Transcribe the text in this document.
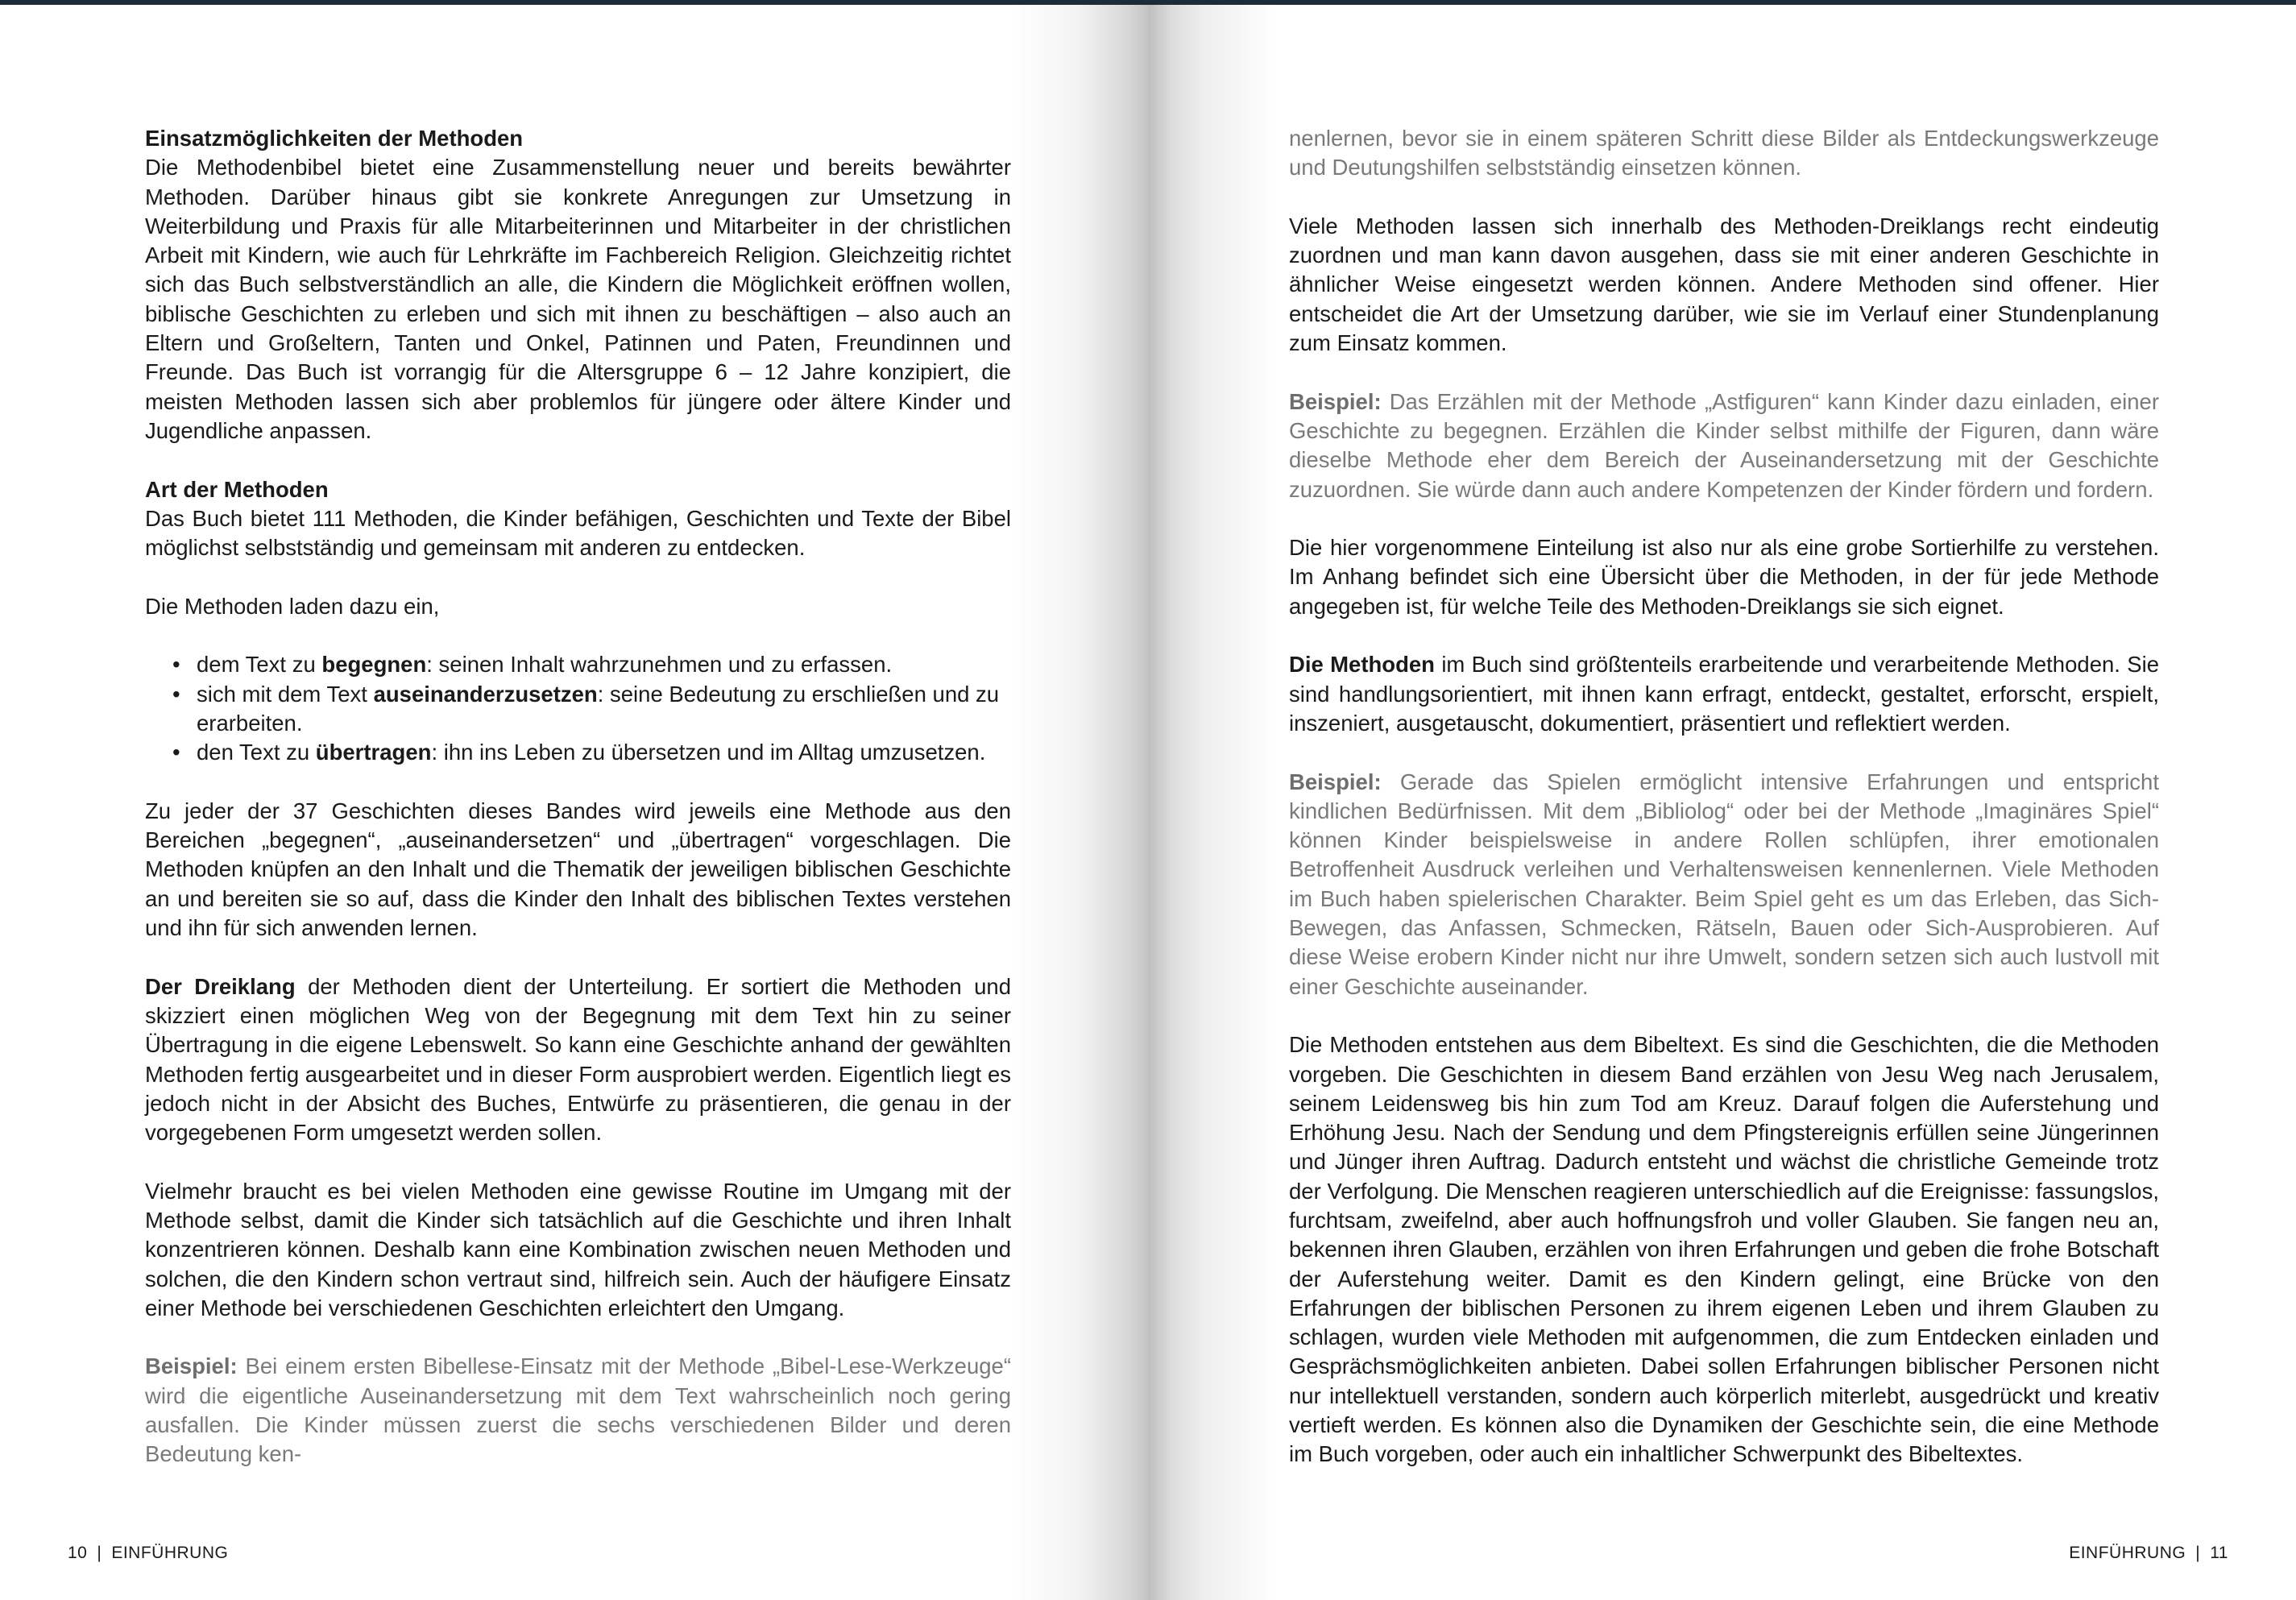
Einsatzmöglichkeiten der Methoden

Die Methodenbibel bietet eine Zusammenstellung neuer und bereits bewährter Methoden. Darüber hinaus gibt sie konkrete Anregungen zur Umsetzung in Weiterbildung und Praxis für alle Mitarbeiterinnen und Mitarbeiter in der christlichen Arbeit mit Kindern, wie auch für Lehrkräfte im Fachbereich Religion. Gleichzeitig richtet sich das Buch selbstverständlich an alle, die Kindern die Möglichkeit eröffnen wollen, biblische Geschichten zu erleben und sich mit ihnen zu beschäftigen – also auch an Eltern und Großeltern, Tanten und Onkel, Patinnen und Paten, Freundinnen und Freunde. Das Buch ist vorrangig für die Altersgruppe 6 – 12 Jahre konzipiert, die meisten Methoden lassen sich aber problemlos für jüngere oder ältere Kinder und Jugendliche anpassen.

Art der Methoden

Das Buch bietet 111 Methoden, die Kinder befähigen, Geschichten und Texte der Bibel möglichst selbstständig und gemeinsam mit anderen zu entdecken.

Die Methoden laden dazu ein,

• dem Text zu begegnen: seinen Inhalt wahrzunehmen und zu erfassen.
• sich mit dem Text auseinanderzusetzen: seine Bedeutung zu erschließen und zu erarbeiten.
• den Text zu übertragen: ihn ins Leben zu übersetzen und im Alltag umzusetzen.

Zu jeder der 37 Geschichten dieses Bandes wird jeweils eine Methode aus den Bereichen „begegnen“, „auseinandersetzen“ und „übertragen“ vorgeschlagen. Die Methoden knüpfen an den Inhalt und die Thematik der jeweiligen biblischen Geschichte an und bereiten sie so auf, dass die Kinder den Inhalt des biblischen Textes verstehen und ihn für sich anwenden lernen.

Der Dreiklang der Methoden dient der Unterteilung. Er sortiert die Methoden und skizziert einen möglichen Weg von der Begegnung mit dem Text hin zu seiner Übertragung in die eigene Lebenswelt. So kann eine Geschichte anhand der gewählten Methoden fertig ausgearbeitet und in dieser Form ausprobiert werden. Eigentlich liegt es jedoch nicht in der Absicht des Buches, Entwürfe zu präsentieren, die genau in der vorgegebenen Form umgesetzt werden sollen.

Vielmehr braucht es bei vielen Methoden eine gewisse Routine im Umgang mit der Methode selbst, damit die Kinder sich tatsächlich auf die Geschichte und ihren Inhalt konzentrieren können. Deshalb kann eine Kombination zwischen neuen Methoden und solchen, die den Kindern schon vertraut sind, hilfreich sein. Auch der häufigere Einsatz einer Methode bei verschiedenen Geschichten erleichtert den Umgang.

Beispiel: Bei einem ersten Bibellese-Einsatz mit der Methode „Bibel-Lese-Werkzeuge“ wird die eigentliche Auseinandersetzung mit dem Text wahrscheinlich noch gering ausfallen. Die Kinder müssen zuerst die sechs verschiedenen Bilder und deren Bedeutung ken-

10 | EINFÜHRUNG

nenlernen, bevor sie in einem späteren Schritt diese Bilder als Entdeckungswerkzeuge und Deutungshilfen selbstständig einsetzen können.

Viele Methoden lassen sich innerhalb des Methoden-Dreiklangs recht eindeutig zuordnen und man kann davon ausgehen, dass sie mit einer anderen Geschichte in ähnlicher Weise eingesetzt werden können. Andere Methoden sind offener. Hier entscheidet die Art der Umsetzung darüber, wie sie im Verlauf einer Stundenplanung zum Einsatz kommen.

Beispiel: Das Erzählen mit der Methode „Astfiguren“ kann Kinder dazu einladen, einer Geschichte zu begegnen. Erzählen die Kinder selbst mithilfe der Figuren, dann wäre dieselbe Methode eher dem Bereich der Auseinandersetzung mit der Geschichte zuzuordnen. Sie würde dann auch andere Kompetenzen der Kinder fördern und fordern.

Die hier vorgenommene Einteilung ist also nur als eine grobe Sortierhilfe zu verstehen. Im Anhang befindet sich eine Übersicht über die Methoden, in der für jede Methode angegeben ist, für welche Teile des Methoden-Dreiklangs sie sich eignet.

Die Methoden im Buch sind größtenteils erarbeitende und verarbeitende Methoden. Sie sind handlungsorientiert, mit ihnen kann erfragt, entdeckt, gestaltet, erforscht, erspielt, inszeniert, ausgetauscht, dokumentiert, präsentiert und reflektiert werden.

Beispiel: Gerade das Spielen ermöglicht intensive Erfahrungen und entspricht kindlichen Bedürfnissen. Mit dem „Bibliolog“ oder bei der Methode „Imaginäres Spiel“ können Kinder beispielsweise in andere Rollen schlüpfen, ihrer emotionalen Betroffenheit Ausdruck verleihen und Verhaltensweisen kennenlernen. Viele Methoden im Buch haben spielerischen Charakter. Beim Spiel geht es um das Erleben, das Sich-Bewegen, das Anfassen, Schmecken, Rätseln, Bauen oder Sich-Ausprobieren. Auf diese Weise erobern Kinder nicht nur ihre Umwelt, sondern setzen sich auch lustvoll mit einer Geschichte auseinander.

Die Methoden entstehen aus dem Bibeltext. Es sind die Geschichten, die die Methoden vorgeben. Die Geschichten in diesem Band erzählen von Jesu Weg nach Jerusalem, seinem Leidensweg bis hin zum Tod am Kreuz. Darauf folgen die Auferstehung und Erhöhung Jesu. Nach der Sendung und dem Pfingstereignis erfüllen seine Jüngerinnen und Jünger ihren Auftrag. Dadurch entsteht und wächst die christliche Gemeinde trotz der Verfolgung. Die Menschen reagieren unterschiedlich auf die Ereignisse: fassungslos, furchtsam, zweifelnd, aber auch hoffnungsfroh und voller Glauben. Sie fangen neu an, bekennen ihren Glauben, erzählen von ihren Erfahrungen und geben die frohe Botschaft der Auferstehung weiter. Damit es den Kindern gelingt, eine Brücke von den Erfahrungen der biblischen Personen zu ihrem eigenen Leben und ihrem Glauben zu schlagen, wurden viele Methoden mit aufgenommen, die zum Entdecken einladen und Gesprächsmöglichkeiten anbieten. Dabei sollen Erfahrungen biblischer Personen nicht nur intellektuell verstanden, sondern auch körperlich miterlebt, ausgedrückt und kreativ vertieft werden. Es können also die Dynamiken der Geschichte sein, die eine Methode im Buch vorgeben, oder auch ein inhaltlicher Schwerpunkt des Bibeltextes.

EINFÜHRUNG | 11
